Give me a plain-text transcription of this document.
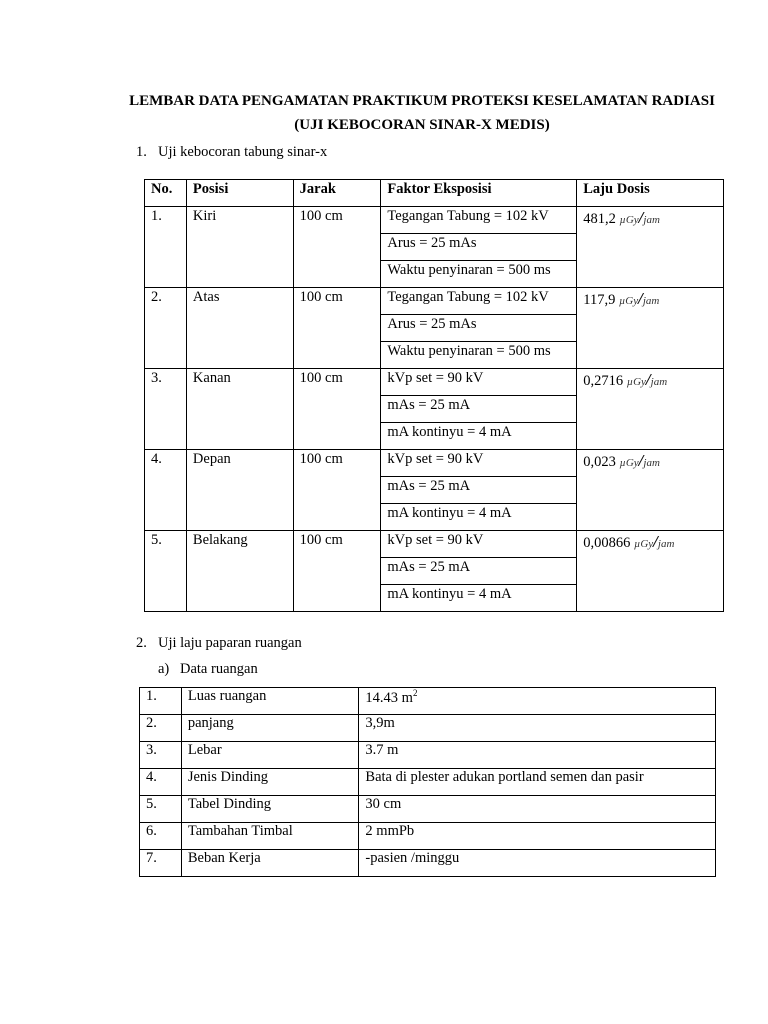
LEMBAR DATA PENGAMATAN PRAKTIKUM PROTEKSI KESELAMATAN RADIASI
(UJI KEBOCORAN SINAR-X MEDIS)
1. Uji kebocoran tabung sinar-x
No.	Posisi	Jarak	Faktor Eksposisi	Laju Dosis
1.	Kiri	100 cm	Tegangan Tabung = 102 kV	481,2 µGy/jam
			Arus = 25 mAs	
			Waktu penyinaran = 500 ms	
2.	Atas	100 cm	Tegangan Tabung = 102 kV	117,9 µGy/jam
			Arus = 25 mAs	
			Waktu penyinaran = 500 ms	
3.	Kanan	100 cm	kVp set = 90 kV	0,2716 µGy/jam
			mAs = 25 mA	
			mA kontinyu = 4 mA	
4.	Depan	100 cm	kVp set = 90 kV	0,023 µGy/jam
			mAs = 25 mA	
			mA kontinyu = 4 mA	
5.	Belakang	100 cm	kVp set = 90 kV	0,00866 µGy/jam
			mAs = 25 mA	
			mA kontinyu = 4 mA	
2. Uji laju paparan ruangan
a) Data ruangan
1.	Luas ruangan	14.43 $m^2$
2.	panjang	3,9m
3.	Lebar	3.7 m
4.	Jenis Dinding	Bata di plester adukan portland semen dan pasir
5.	Tabel Dinding	30 cm
6.	Tambahan Timbal	2 mmPb
7.	Beban Kerja	-pasien /minggu
